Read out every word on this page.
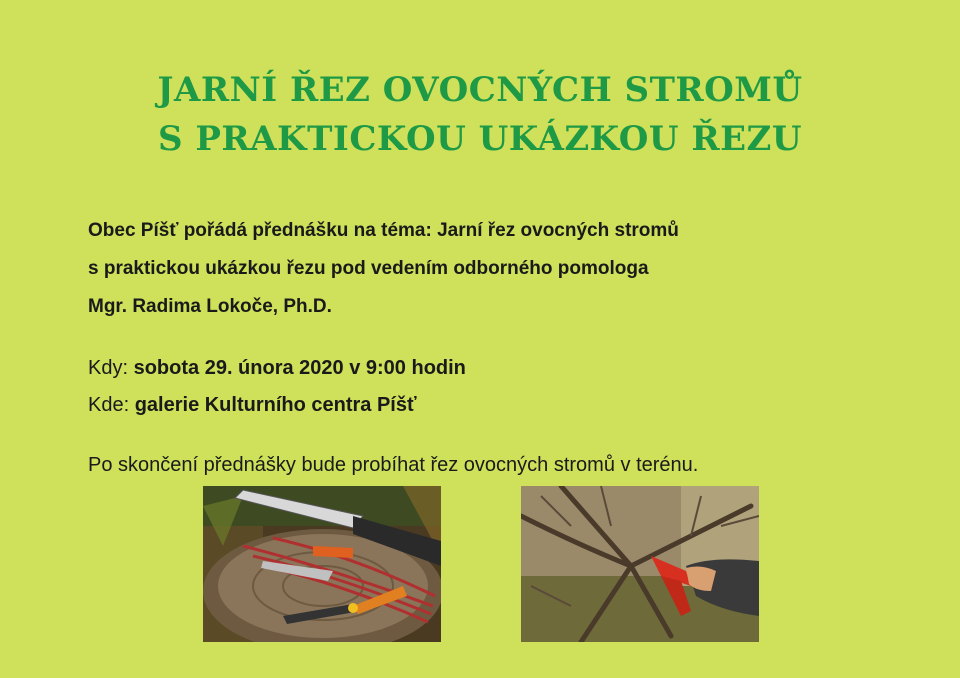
JARNÍ ŘEZ OVOCNÝCH STROMŮ
S PRAKTICKOU UKÁZKOU ŘEZU
Obec Píšť pořádá přednášku na téma: Jarní řez ovocných stromů
s praktickou ukázkou řezu pod vedením odborného pomologa
Mgr. Radima Lokoče, Ph.D.
Kdy: sobota 29. února 2020 v 9:00 hodin
Kde: galerie Kulturního centra Píšť
Po skončení přednášky bude probíhat řez ovocných stromů v terénu.
